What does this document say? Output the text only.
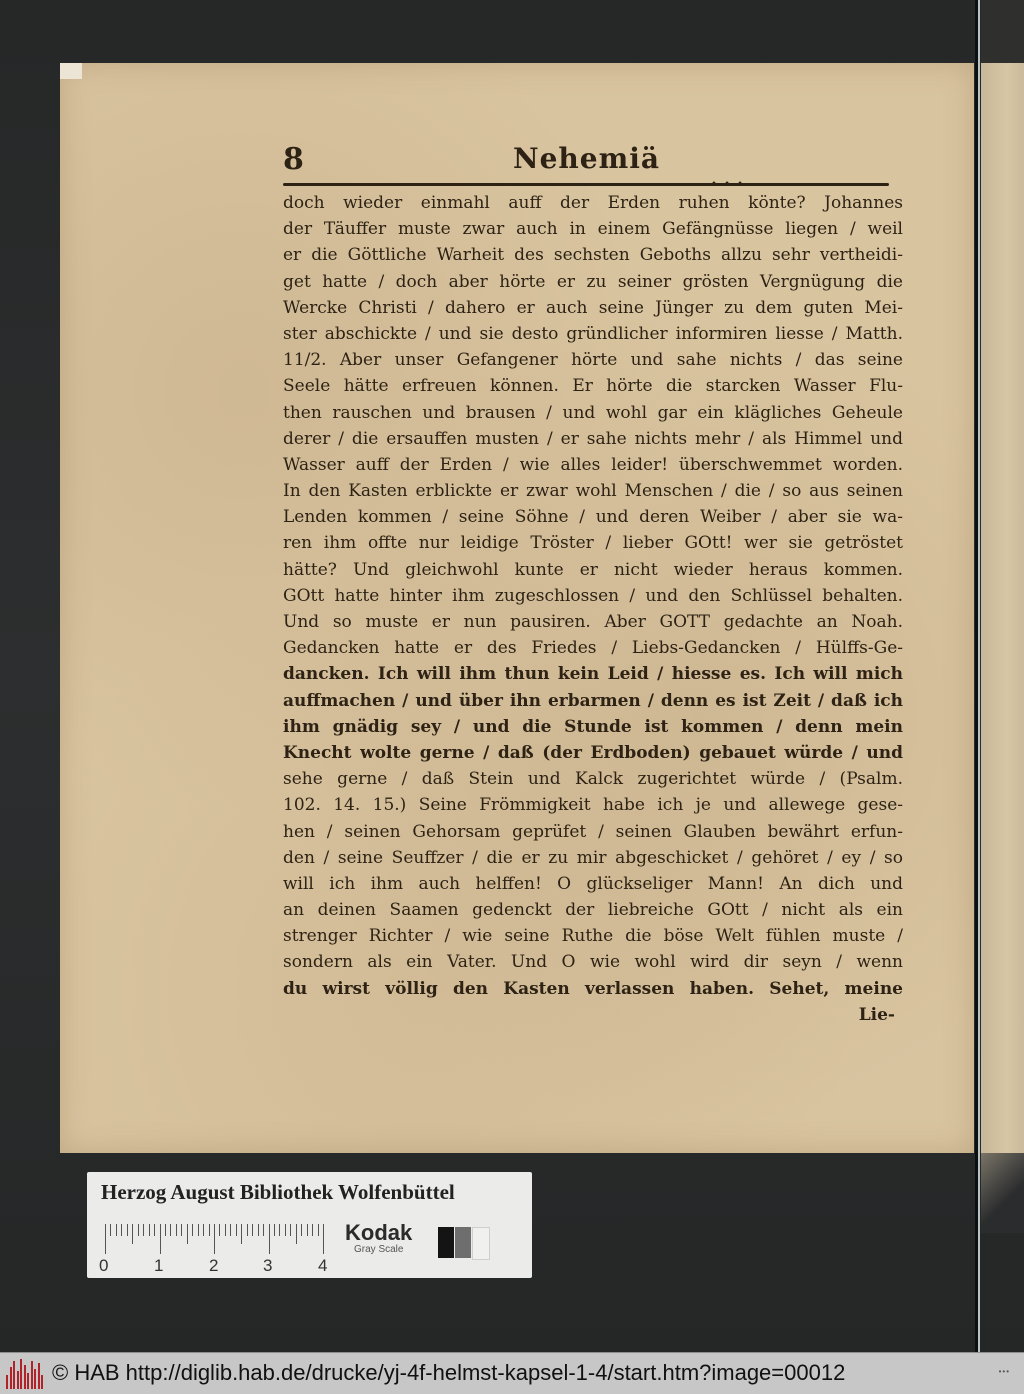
8	Nehemiä
• • •
doch wieder einmahl auff der Erden ruhen könte? Johannes
der Täuffer muste zwar auch in einem Gefängnüsse liegen / weil
er die Göttliche Warheit des sechsten Geboths allzu sehr vertheidi-
get hatte / doch aber hörte er zu seiner grösten Vergnügung die
Wercke Christi / dahero er auch seine Jünger zu dem guten Mei-
ster abschickte / und sie desto gründlicher informiren liesse / Matth.
11/2. Aber unser Gefangener hörte und sahe nichts / das seine
Seele hätte erfreuen können. Er hörte die starcken Wasser Flu-
then rauschen und brausen / und wohl gar ein klägliches Geheule
derer / die ersauffen musten / er sahe nichts mehr / als Himmel und
Wasser auff der Erden / wie alles leider! überschwemmet worden.
In den Kasten erblickte er zwar wohl Menschen / die / so aus seinen
Lenden kommen / seine Söhne / und deren Weiber / aber sie wa-
ren ihm offte nur leidige Tröster / lieber GOtt! wer sie getröstet
hätte? Und gleichwohl kunte er nicht wieder heraus kommen.
GOtt hatte hinter ihm zugeschlossen / und den Schlüssel behalten.
Und so muste er nun pausiren. Aber GOTT gedachte an Noah.
Gedancken hatte er des Friedes / Liebs-Gedancken / Hülffs-Ge-
dancken. Ich will ihm thun kein Leid / hiesse es. Ich will mich
auffmachen / und über ihn erbarmen / denn es ist Zeit / daß ich
ihm gnädig sey / und die Stunde ist kommen / denn mein
Knecht wolte gerne / daß (der Erdboden) gebauet würde / und
sehe gerne / daß Stein und Kalck zugerichtet würde / (Psalm.
102. 14. 15.) Seine Frömmigkeit habe ich je und allewege gese-
hen / seinen Gehorsam geprüfet / seinen Glauben bewährt erfun-
den / seine Seuffzer / die er zu mir abgeschicket / gehöret / ey / so
will ich ihm auch helffen! O glückseliger Mann! An dich und
an deinen Saamen gedenckt der liebreiche GOtt / nicht als ein
strenger Richter / wie seine Ruthe die böse Welt fühlen muste /
sondern als ein Vater. Und O wie wohl wird dir seyn / wenn
du wirst völlig den Kasten verlassen haben. Sehet, meine
Lie-
Herzog August Bibliothek Wolfenbüttel
0	1	2	3	4
Kodak
Gray Scale
© HAB http://diglib.hab.de/drucke/yj-4f-helmst-kapsel-1-4/start.htm?image=00012	•••
